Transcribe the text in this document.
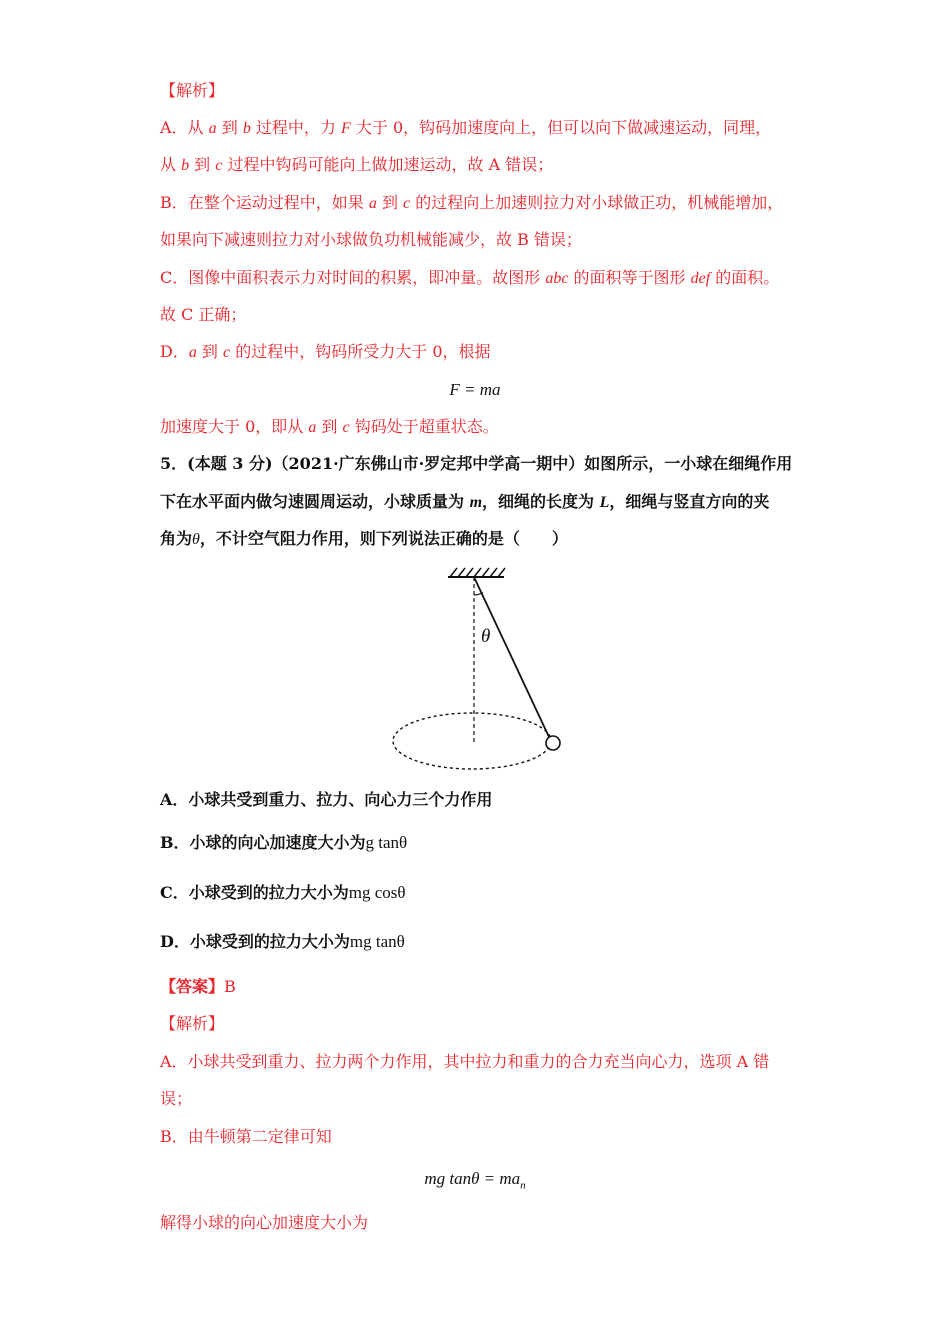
【解析】
A．从 a 到 b 过程中，力 F 大于 0，钩码加速度向上，但可以向下做减速运动，同理，
从 b 到 c 过程中钩码可能向上做加速运动，故 A 错误；
B．在整个运动过程中，如果 a 到 c 的过程向上加速则拉力对小球做正功，机械能增加，
如果向下减速则拉力对小球做负功机械能减少，故 B 错误；
C．图像中面积表示力对时间的积累，即冲量。故图形 abc 的面积等于图形 def 的面积。
故 C 正确；
D．a 到 c 的过程中，钩码所受力大于 0，根据
F = ma
加速度大于 0，即从 a 到 c 钩码处于超重状态。
5．(本题 3 分)（2021·广东佛山市·罗定邦中学高一期中）如图所示，一小球在细绳作用
下在水平面内做匀速圆周运动，小球质量为 m，细绳的长度为 L，细绳与竖直方向的夹
角为θ，不计空气阻力作用，则下列说法正确的是（　　）
θ
A．小球共受到重力、拉力、向心力三个力作用
B．小球的向心加速度大小为g tanθ
C．小球受到的拉力大小为mg cosθ
D．小球受到的拉力大小为mg tanθ
【答案】B
【解析】
A．小球共受到重力、拉力两个力作用，其中拉力和重力的合力充当向心力，选项 A 错
误；
B．由牛顿第二定律可知
mg $\tan\theta = ma_n$
解得小球的向心加速度大小为
